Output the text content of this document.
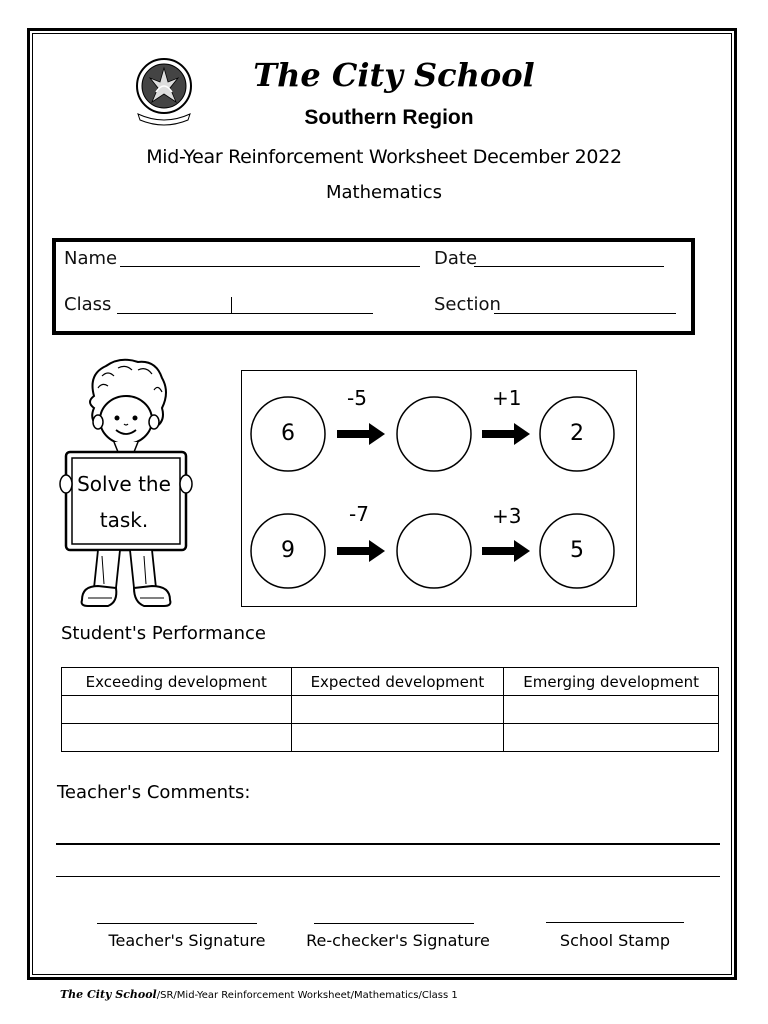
The City School
Southern Region
Mid-Year Reinforcement Worksheet December 2022
Mathematics
Name	Date
Class	Section
Solve the
task.
6
-5	+1
2
9
-7	+3
5
Student's Performance
Exceeding development	Expected development	Emerging development

Teacher's Comments:
Teacher's Signature	Re-checker's Signature	School Stamp
The City School/SR/Mid-Year Reinforcement Worksheet/Mathematics/Class 1
